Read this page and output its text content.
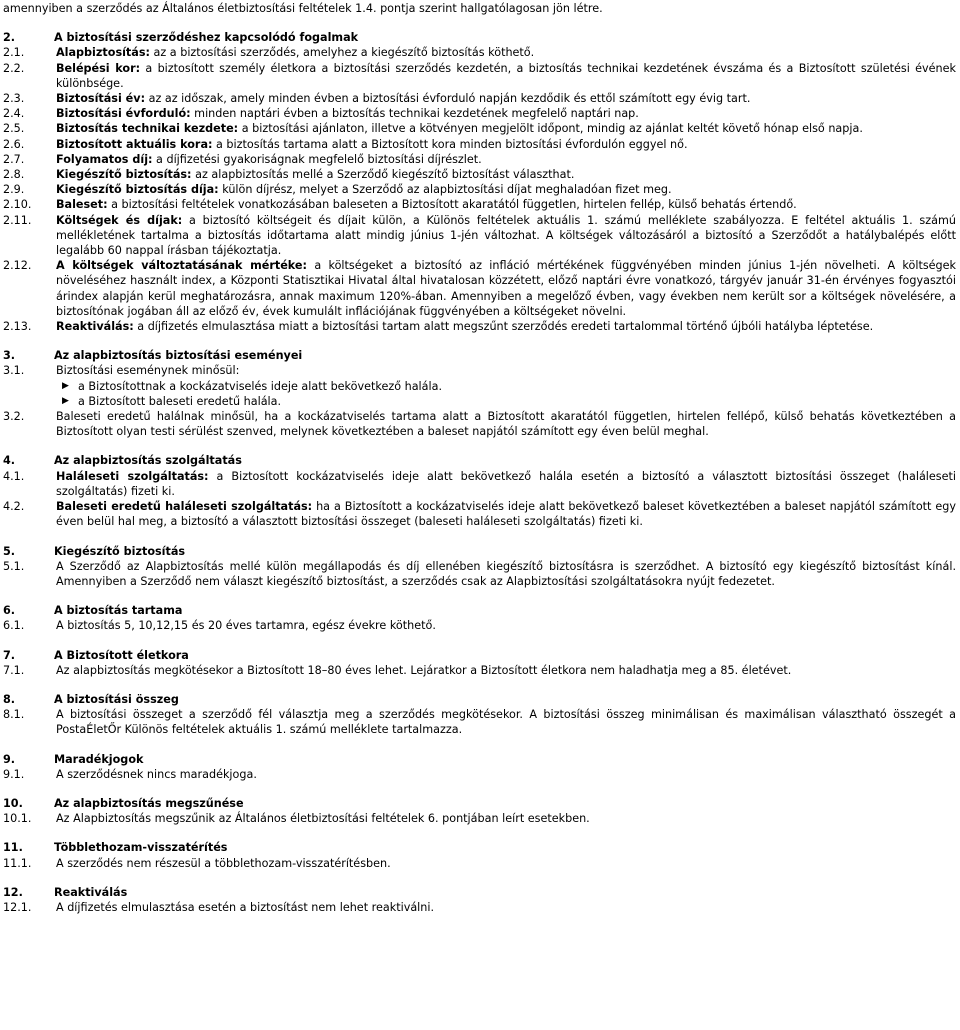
amennyiben a szerződés az Általános életbiztosítási feltételek 1.4. pontja szerint hallgatólagosan jön létre.

2.	A biztosítási szerződéshez kapcsolódó fogalmak
2.1.	Alapbiztosítás: az a biztosítási szerződés, amelyhez a kiegészítő biztosítás köthető.
2.2.	Belépési kor: a biztosított személy életkora a biztosítási szerződés kezdetén, a biztosítás technikai kezdetének évszáma és a Biztosított születési évének különbsége.
2.3.	Biztosítási év: az az időszak, amely minden évben a biztosítási évforduló napján kezdődik és ettől számított egy évig tart.
2.4.	Biztosítási évforduló: minden naptári évben a biztosítás technikai kezdetének megfelelő naptári nap.
2.5.	Biztosítás technikai kezdete: a biztosítási ajánlaton, illetve a kötvényen megjelölt időpont, mindig az ajánlat keltét követő hónap első napja.
2.6.	Biztosított aktuális kora: a biztosítás tartama alatt a Biztosított kora minden biztosítási évfordulón eggyel nő.
2.7.	Folyamatos díj: a díjfizetési gyakoriságnak megfelelő biztosítási díjrészlet.
2.8.	Kiegészítő biztosítás: az alapbiztosítás mellé a Szerződő kiegészítő biztosítást választhat.
2.9.	Kiegészítő biztosítás díja: külön díjrész, melyet a Szerződő az alapbiztosítási díjat meghaladóan fizet meg.
2.10.	Baleset: a biztosítási feltételek vonatkozásában baleseten a Biztosított akaratától független, hirtelen fellép, külső behatás értendő.
2.11.	Költségek és díjak: a biztosító költségeit és díjait külön, a Különös feltételek aktuális 1. számú melléklete szabályozza. E feltétel aktuális 1. számú mellékletének tartalma a biztosítás időtartama alatt mindig június 1-jén változhat. A költségek változásáról a biztosító a Szerződőt a hatálybalépés előtt legalább 60 nappal írásban tájékoztatja.
2.12.	A költségek változtatásának mértéke: a költségeket a biztosító az infláció mértékének függvényében minden június 1-jén növelheti. A költségek növeléséhez használt index, a Központi Statisztikai Hivatal által hivatalosan közzétett, előző naptári évre vonatkozó, tárgyév január 31-én érvényes fogyasztói árindex alapján kerül meghatározásra, annak maximum 120%-ában. Amennyiben a megelőző évben, vagy években nem került sor a költségek növelésére, a biztosítónak jogában áll az előző év, évek kumulált inflációjának függvényében a költségeket növelni.
2.13.	Reaktiválás: a díjfizetés elmulasztása miatt a biztosítási tartam alatt megszűnt szerződés eredeti tartalommal történő újbóli hatályba léptetése.
3.	Az alapbiztosítás biztosítási eseményei
3.1.	Biztosítási eseménynek minősül:
▶ a Biztosítottnak a kockázatviselés ideje alatt bekövetkező halála.
▶ a Biztosított baleseti eredetű halála.
3.2.	Baleseti eredetű halálnak minősül, ha a kockázatviselés tartama alatt a Biztosított akaratától független, hirtelen fellépő, külső behatás következtében a Biztosított olyan testi sérülést szenved, melynek következtében a baleset napjától számított egy éven belül meghal.
4.	Az alapbiztosítás szolgáltatás
4.1.	Haláleseti szolgáltatás: a Biztosított kockázatviselés ideje alatt bekövetkező halála esetén a biztosító a választott biztosítási összeget (haláleseti szolgáltatás) fizeti ki.
4.2.	Baleseti eredetű haláleseti szolgáltatás: ha a Biztosított a kockázatviselés ideje alatt bekövetkező baleset következtében a baleset napjától számított egy éven belül hal meg, a biztosító a választott biztosítási összeget (baleseti haláleseti szolgáltatás) fizeti ki.
5.	Kiegészítő biztosítás
5.1.	A Szerződő az Alapbiztosítás mellé külön megállapodás és díj ellenében kiegészítő biztosításra is szerződhet. A biztosító egy kiegészítő biztosítást kínál. Amennyiben a Szerződő nem választ kiegészítő biztosítást, a szerződés csak az Alapbiztosítási szolgáltatásokra nyújt fedezetet.
6.	A biztosítás tartama
6.1.	A biztosítás 5, 10,12,15 és 20 éves tartamra, egész évekre köthető.
7.	A Biztosított életkora
7.1.	Az alapbiztosítás megkötésekor a Biztosított 18–80 éves lehet. Lejáratkor a Biztosított életkora nem haladhatja meg a 85. életévet.
8.	A biztosítási összeg
8.1.	A biztosítási összeget a szerződő fél választja meg a szerződés megkötésekor. A biztosítási összeg minimálisan és maximálisan választható összegét a PostaÉletŐr Különös feltételek aktuális 1. számú melléklete tartalmazza.
9.	Maradékjogok
9.1.	A szerződésnek nincs maradékjoga.
10.	Az alapbiztosítás megszűnése
10.1.	Az Alapbiztosítás megszűnik az Általános életbiztosítási feltételek 6. pontjában leírt esetekben.
11.	Többlethozam-visszatérítés
11.1.	A szerződés nem részesül a többlethozam-visszatérítésben.
12.	Reaktiválás
12.1.	A díjfizetés elmulasztása esetén a biztosítást nem lehet reaktiválni.
